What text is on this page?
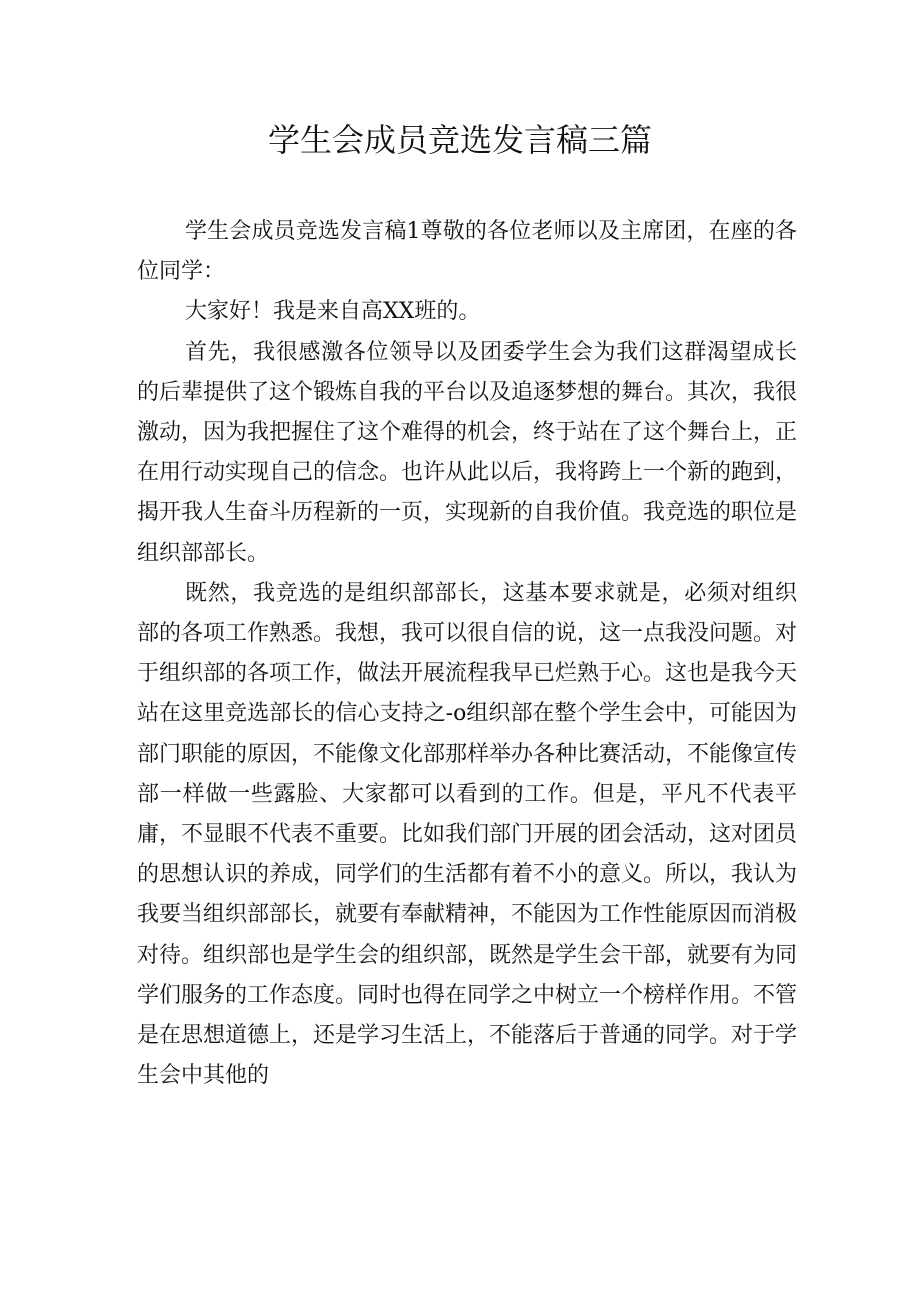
学生会成员竞选发言稿三篇

学生会成员竞选发言稿1尊敬的各位老师以及主席团，在座的各位同学：

大家好！我是来自高XX班的。

首先，我很感激各位领导以及团委学生会为我们这群渴望成长的后辈提供了这个锻炼自我的平台以及追逐梦想的舞台。其次，我很激动，因为我把握住了这个难得的机会，终于站在了这个舞台上，正在用行动实现自己的信念。也许从此以后，我将跨上一个新的跑到，揭开我人生奋斗历程新的一页，实现新的自我价值。我竞选的职位是组织部部长。

既然，我竞选的是组织部部长，这基本要求就是，必须对组织部的各项工作熟悉。我想，我可以很自信的说，这一点我没问题。对于组织部的各项工作，做法开展流程我早已烂熟于心。这也是我今天站在这里竞选部长的信心支持之-o组织部在整个学生会中，可能因为部门职能的原因，不能像文化部那样举办各种比赛活动，不能像宣传部一样做一些露脸、大家都可以看到的工作。但是，平凡不代表平庸，不显眼不代表不重要。比如我们部门开展的团会活动，这对团员的思想认识的养成，同学们的生活都有着不小的意义。所以，我认为我要当组织部部长，就要有奉献精神，不能因为工作性能原因而消极对待。组织部也是学生会的组织部，既然是学生会干部，就要有为同学们服务的工作态度。同时也得在同学之中树立一个榜样作用。不管是在思想道德上，还是学习生活上，不能落后于普通的同学。对于学生会中其他的
